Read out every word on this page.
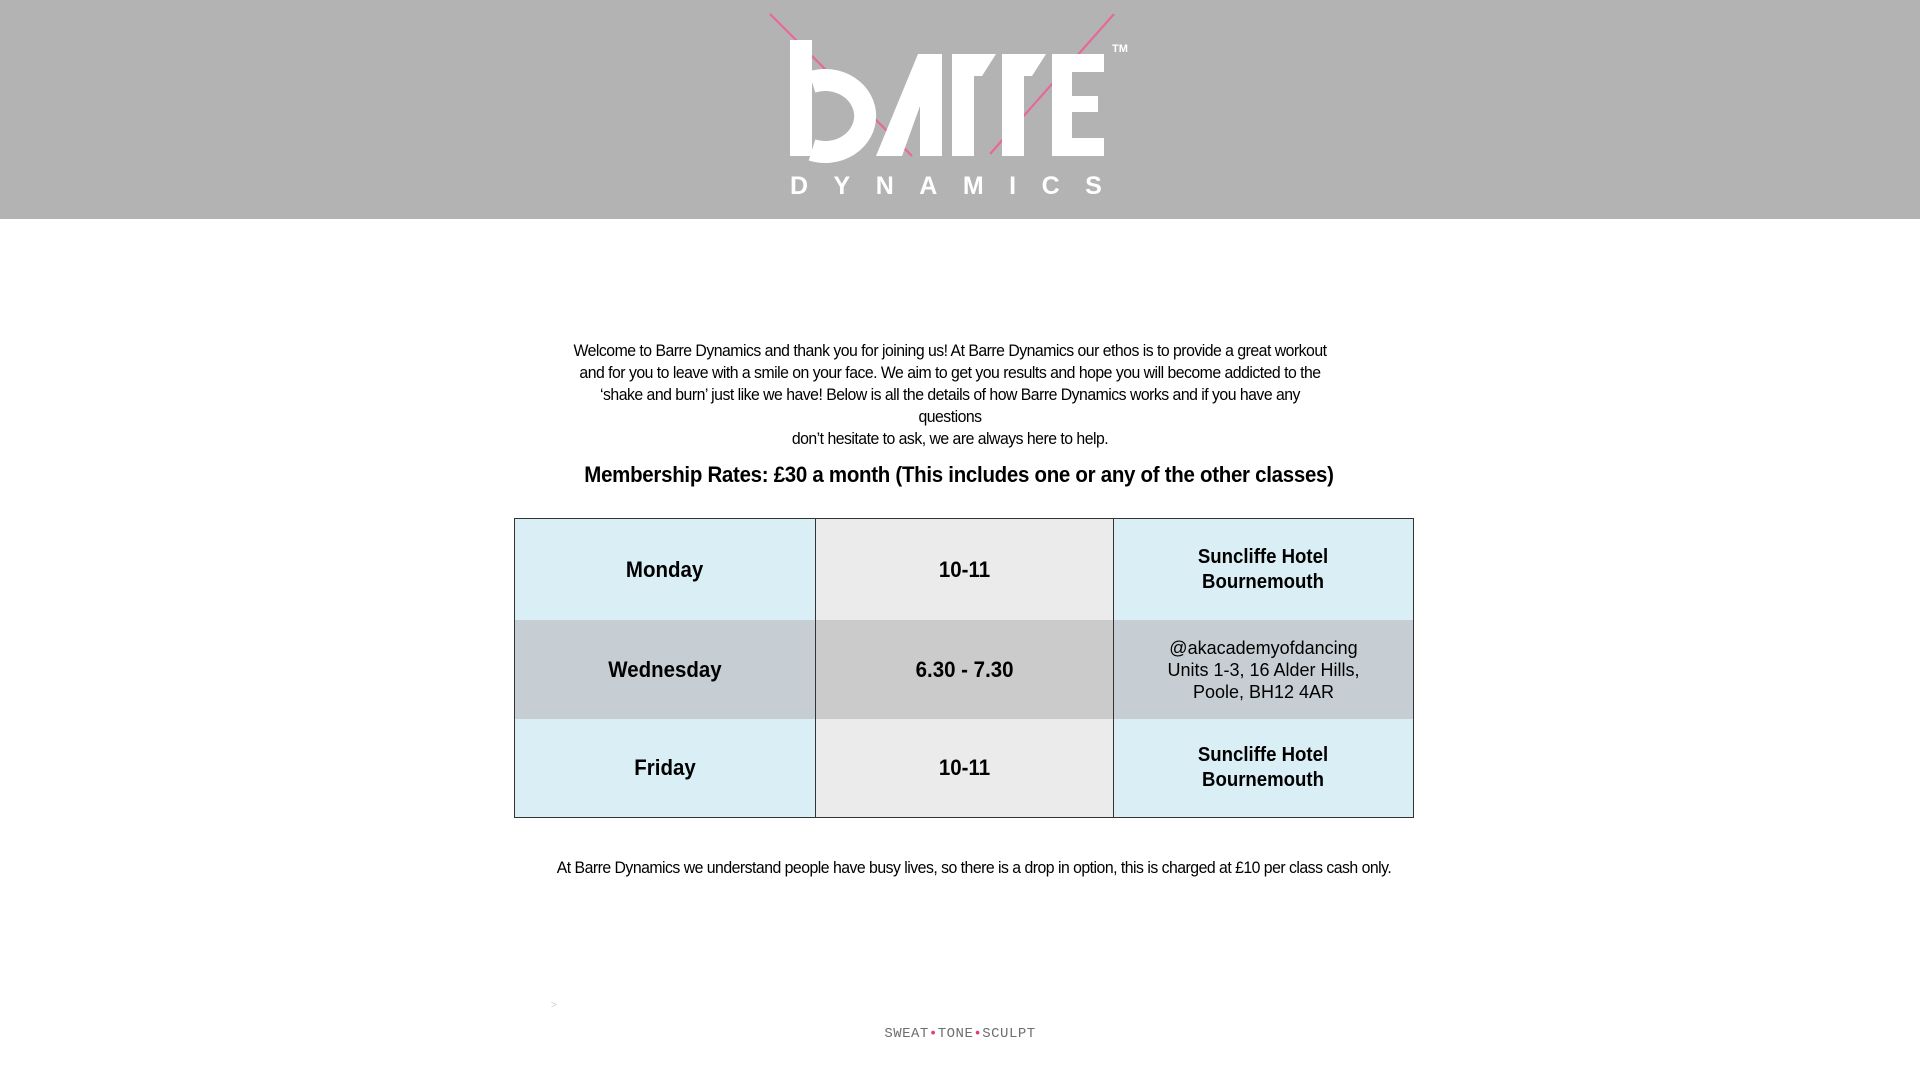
TM
DYNAMICS
Welcome to Barre Dynamics and thank you for joining us! At Barre Dynamics our ethos is to provide a great workout
and for you to leave with a smile on your face. We aim to get you results and hope you will become addicted to the
‘shake and burn’ just like we have! Below is all the details of how Barre Dynamics works and if you have any questions
don’t hesitate to ask, we are always here to help.
Membership Rates: £30 a month (This includes one or any of the other classes)
Monday	10-11	Suncliffe Hotel
Bournemouth
Wednesday	6.30 - 7.30
@akacademyofdancing
Units 1-3, 16 Alder Hills,
Poole, BH12 4AR
Friday	10-11	Suncliffe Hotel
Bournemouth
At Barre Dynamics we understand people have busy lives, so there is a drop in option, this is charged at £10 per class cash only.
>
SWEAT•TONE•SCULPT
